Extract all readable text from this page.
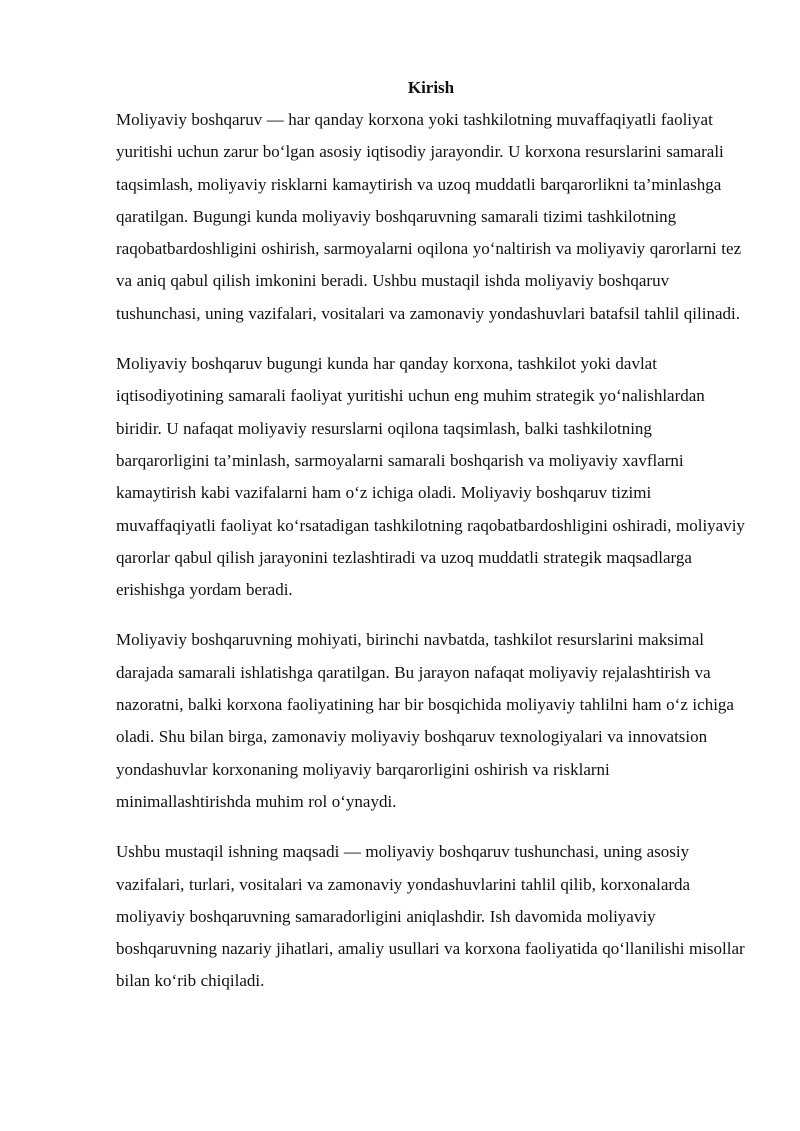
Kirish

Moliyaviy boshqaruv — har qanday korxona yoki tashkilotning muvaffaqiyatli faoliyat yuritishi uchun zarur bo‘lgan asosiy iqtisodiy jarayondir. U korxona resurslarini samarali taqsimlash, moliyaviy risklarni kamaytirish va uzoq muddatli barqarorlikni ta’minlashga qaratilgan. Bugungi kunda moliyaviy boshqaruvning samarali tizimi tashkilotning raqobatbardoshligini oshirish, sarmoyalarni oqilona yo‘naltirish va moliyaviy qarorlarni tez va aniq qabul qilish imkonini beradi. Ushbu mustaqil ishda moliyaviy boshqaruv tushunchasi, uning vazifalari, vositalari va zamonaviy yondashuvlari batafsil tahlil qilinadi.

Moliyaviy boshqaruv bugungi kunda har qanday korxona, tashkilot yoki davlat iqtisodiyotining samarali faoliyat yuritishi uchun eng muhim strategik yo‘nalishlardan biridir. U nafaqat moliyaviy resurslarni oqilona taqsimlash, balki tashkilotning barqarorligini ta’minlash, sarmoyalarni samarali boshqarish va moliyaviy xavflarni kamaytirish kabi vazifalarni ham o‘z ichiga oladi. Moliyaviy boshqaruv tizimi muvaffaqiyatli faoliyat ko‘rsatadigan tashkilotning raqobatbardoshligini oshiradi, moliyaviy qarorlar qabul qilish jarayonini tezlashtiradi va uzoq muddatli strategik maqsadlarga erishishga yordam beradi.

Moliyaviy boshqaruvning mohiyati, birinchi navbatda, tashkilot resurslarini maksimal darajada samarali ishlatishga qaratilgan. Bu jarayon nafaqat moliyaviy rejalashtirish va nazoratni, balki korxona faoliyatining har bir bosqichida moliyaviy tahlilni ham o‘z ichiga oladi. Shu bilan birga, zamonaviy moliyaviy boshqaruv texnologiyalari va innovatsion yondashuvlar korxonaning moliyaviy barqarorligini oshirish va risklarni minimallashtirishda muhim rol o‘ynaydi.

Ushbu mustaqil ishning maqsadi — moliyaviy boshqaruv tushunchasi, uning asosiy vazifalari, turlari, vositalari va zamonaviy yondashuvlarini tahlil qilib, korxonalarda moliyaviy boshqaruvning samaradorligini aniqlashdir. Ish davomida moliyaviy boshqaruvning nazariy jihatlari, amaliy usullari va korxona faoliyatida qo‘llanilishi misollar bilan ko‘rib chiqiladi.
